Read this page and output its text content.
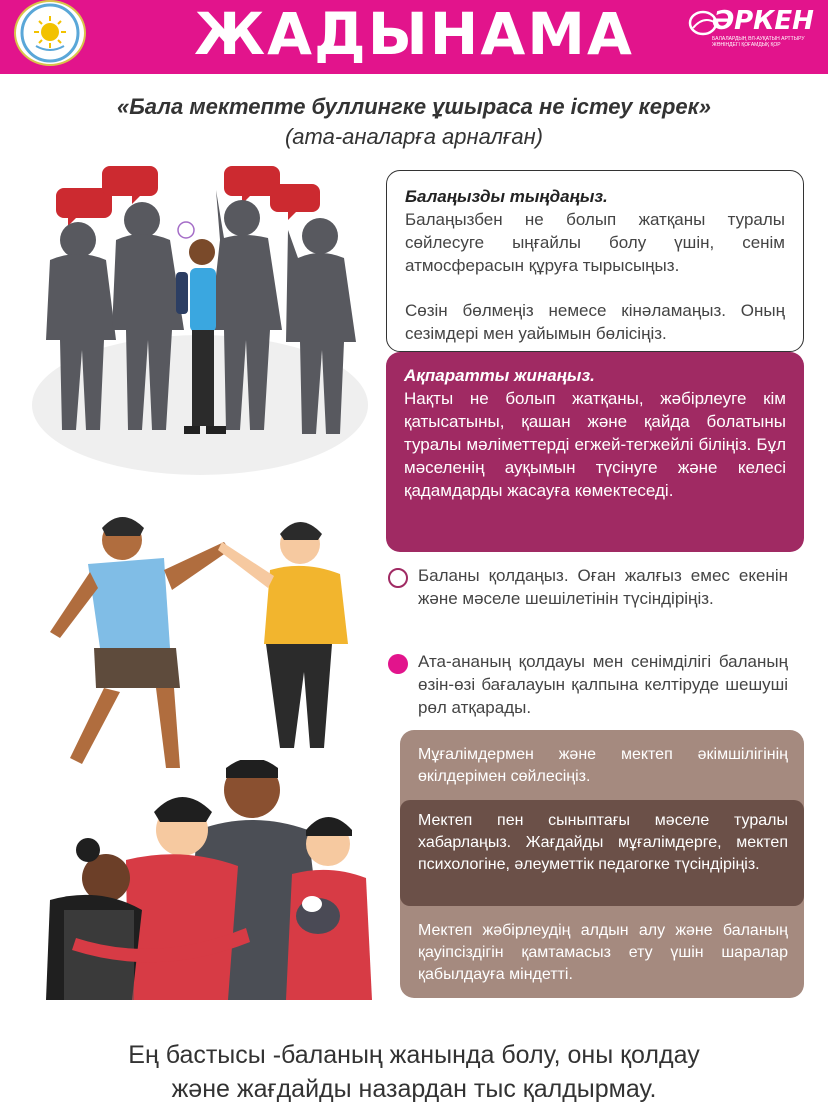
ЖАДЫНАМА	ӘРКЕН
БАЛАЛАРДЫҢ ӘЛ-АУҚАТЫН АРТТЫРУ ЖӨНІНДЕГІ ҚОҒАМДЫҚ ҚОР
«Бала мектепте буллингке ұшыраса не істеу керек»
(ата-аналарға арналған)
Балаңызды тыңдаңыз.

Балаңызбен не болып жатқаны туралы сөйлесуге ыңғайлы болу үшін, сенім атмосферасын құруға тырысыңыз.

Сөзін бөлмеңіз немесе кінәламаңыз. Оның сезімдері мен уайымын бөлісіңіз.

Ақпаратты жинаңыз.

Нақты не болып жатқаны, жәбірлеуге кім қатысатыны, қашан және қайда болатыны туралы мәліметтерді егжей-тегжейлі біліңіз. Бұл мәселенің ауқымын түсінуге және келесі қадамдарды жасауға көмектеседі.

Баланы қолдаңыз. Оған жалғыз емес екенін және мәселе шешілетінін түсіндіріңіз.
Ата-ананың қолдауы мен сенімділігі баланың өзін-өзі бағалауын қалпына келтіруде шешуші рөл атқарады.
Мұғалімдермен және мектеп әкімшілігінің өкілдерімен сөйлесіңіз.
Мектеп пен сыныптағы мәселе туралы хабарлаңыз. Жағдайды мұғалімдерге, мектеп психологіне, әлеуметтік педагогке түсіндіріңіз.
Мектеп жәбірлеудің алдын алу және баланың қауіпсіздігін қамтамасыз ету үшін шаралар қабылдауға міндетті.
Ең бастысы -баланың жанында болу, оны қолдау
және жағдайды назардан тыс қалдырмау.
